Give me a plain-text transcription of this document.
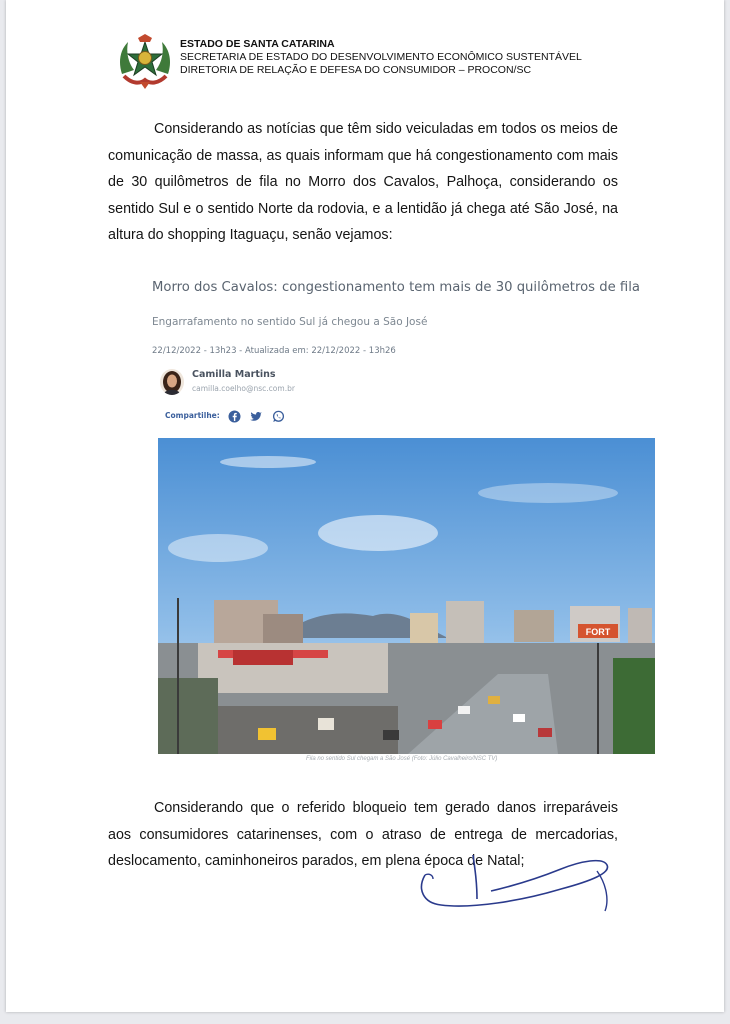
ESTADO DE SANTA CATARINA
SECRETARIA DE ESTADO DO DESENVOLVIMENTO ECONÔMICO SUSTENTÁVEL
DIRETORIA DE RELAÇÃO E DEFESA DO CONSUMIDOR – PROCON/SC

Considerando as notícias que têm sido veiculadas em todos os meios de comunicação de massa, as quais informam que há congestionamento com mais de 30 quilômetros de fila no Morro dos Cavalos, Palhoça, considerando os sentido Sul e o sentido Norte da rodovia, e a lentidão já chega até São José, na altura do shopping Itaguaçu, senão vejamos:

Morro dos Cavalos: congestionamento tem mais de 30 quilômetros de fila
Engarrafamento no sentido Sul já chegou a São José
22/12/2022 - 13h23 - Atualizada em: 22/12/2022 - 13h26
Camilla Martins
camilla.coelho@nsc.com.br
Compartilhe:
FORT
Fila no sentido Sul chegam a São José (Foto: Júlio Cavalheiro/NSC TV)

Considerando que o referido bloqueio tem gerado danos irreparáveis aos consumidores catarinenses, com o atraso de entrega de mercadorias, deslocamento, caminhoneiros parados, em plena época de Natal;
